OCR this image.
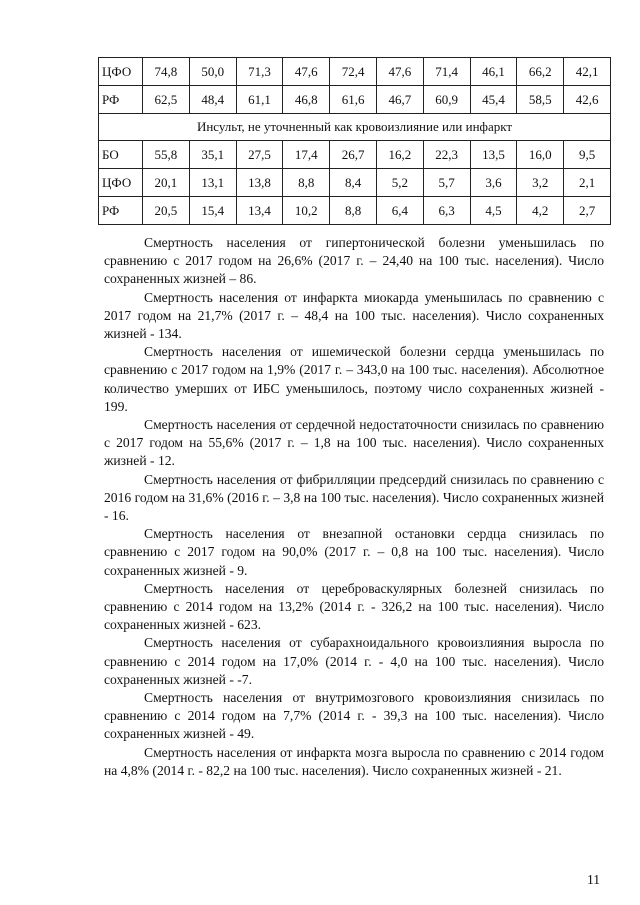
ЦФО	74,8	50,0	71,3	47,6	72,4	47,6	71,4	46,1	66,2	42,1
РФ	62,5	48,4	61,1	46,8	61,6	46,7	60,9	45,4	58,5	42,6
Инсульт, не уточненный как кровоизлияние или инфаркт										
БО	55,8	35,1	27,5	17,4	26,7	16,2	22,3	13,5	16,0	9,5
ЦФО	20,1	13,1	13,8	8,8	8,4	5,2	5,7	3,6	3,2	2,1
РФ	20,5	15,4	13,4	10,2	8,8	6,4	6,3	4,5	4,2	2,7

Смертность населения от гипертонической болезни уменьшилась по сравнению с 2017 годом на 26,6% (2017 г. – 24,40 на 100 тыс. населения). Число сохраненных жизней – 86.

Смертность населения от инфаркта миокарда уменьшилась по сравнению с 2017 годом на 21,7% (2017 г. – 48,4 на 100 тыс. населения). Число сохраненных жизней - 134.

Смертность населения от ишемической болезни сердца уменьшилась по сравнению с 2017 годом на 1,9% (2017 г. – 343,0 на 100 тыс. населения). Абсолютное количество умерших от ИБС уменьшилось, поэтому число сохраненных жизней - 199.

Смертность населения от сердечной недостаточности снизилась по сравнению с 2017 годом на 55,6% (2017 г. – 1,8 на 100 тыс. населения). Число сохраненных жизней - 12.

Смертность населения от фибрилляции предсердий снизилась по сравнению с 2016 годом на 31,6% (2016 г. – 3,8 на 100 тыс. населения). Число сохраненных жизней - 16.

Смертность населения от внезапной остановки сердца снизилась по сравнению с 2017 годом на 90,0% (2017 г. – 0,8 на 100 тыс. населения). Число сохраненных жизней - 9.

Смертность населения от цереброваскулярных болезней снизилась по сравнению с 2014 годом на 13,2% (2014 г. - 326,2 на 100 тыс. населения). Число сохраненных жизней - 623.

Смертность населения от субарахноидального кровоизлияния выросла по сравнению с 2014 годом на 17,0% (2014 г. - 4,0 на 100 тыс. населения). Число сохраненных жизней - -7.

Смертность населения от внутримозгового кровоизлияния снизилась по сравнению с 2014 годом на 7,7% (2014 г. - 39,3 на 100 тыс. населения). Число сохраненных жизней - 49.

Смертность населения от инфаркта мозга выросла по сравнению с 2014 годом на 4,8% (2014 г. - 82,2 на 100 тыс. населения). Число сохраненных жизней - 21.

11
